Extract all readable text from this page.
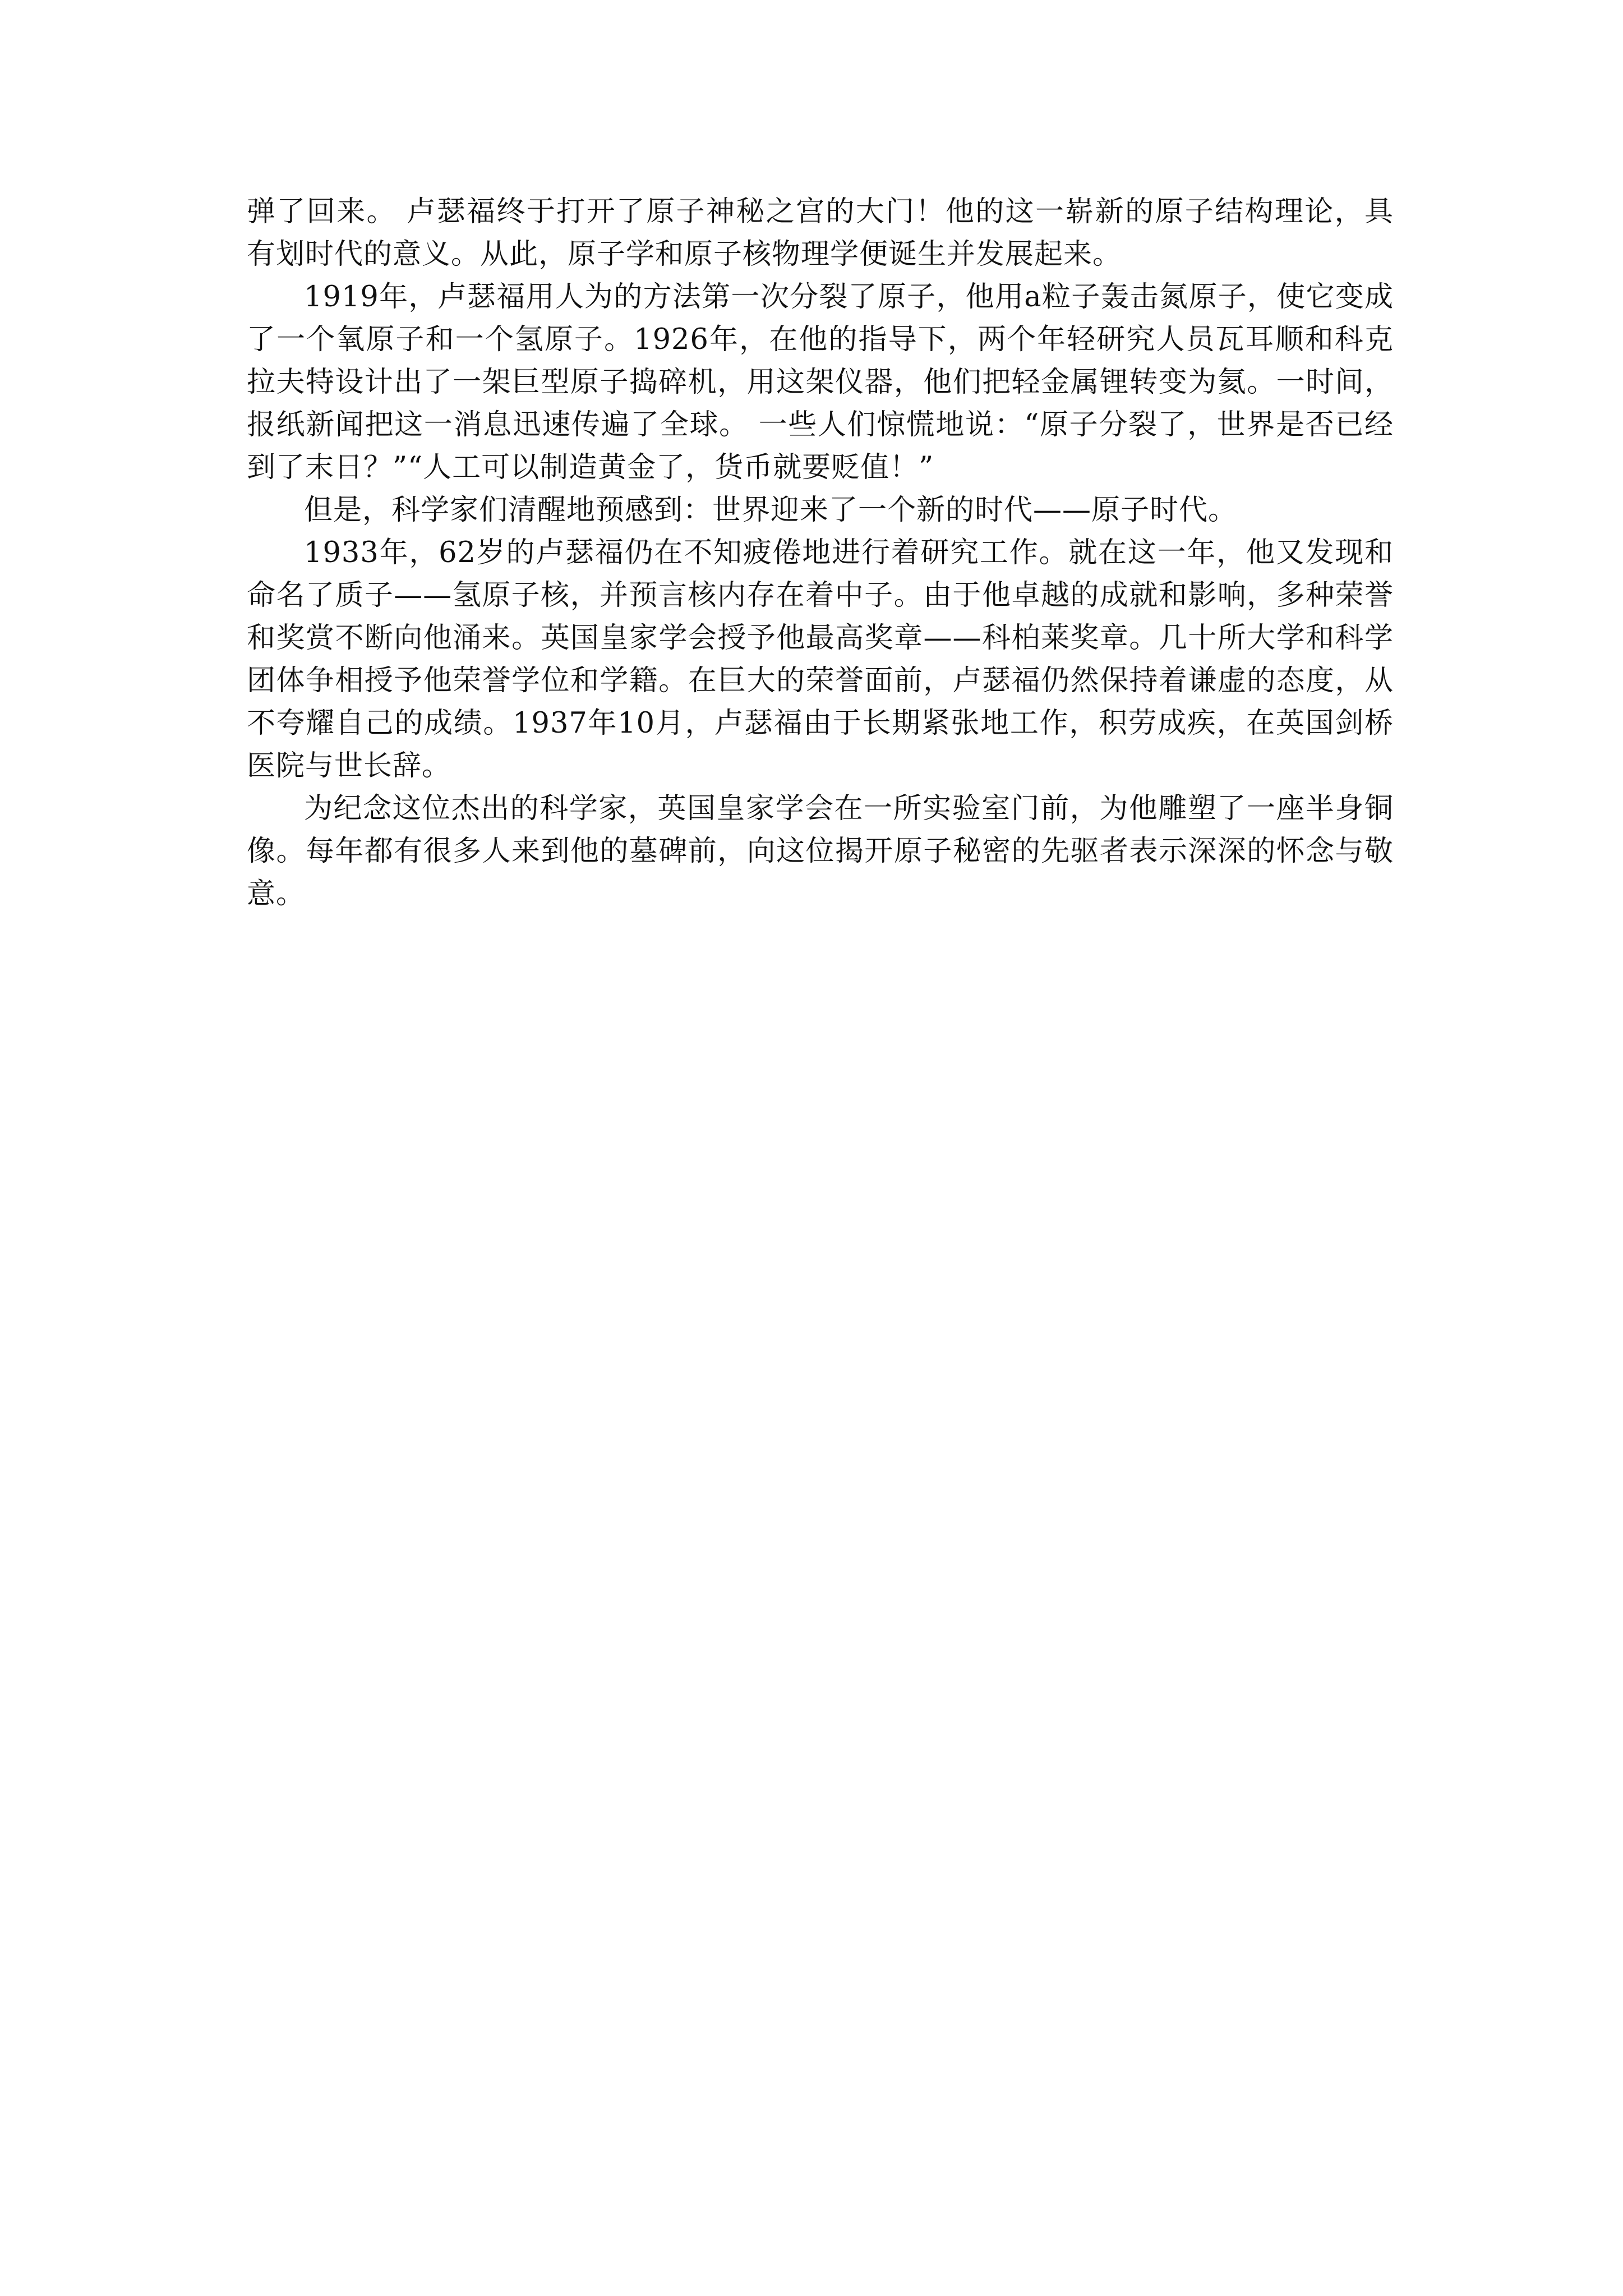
弹了回来。 卢瑟福终于打开了原子神秘之宫的大门！他的这一崭新的原子结构理论，具有划时代的意义。从此，原子学和原子核物理学便诞生并发展起来。

1919年，卢瑟福用人为的方法第一次分裂了原子，他用a粒子轰击氮原子，使它变成了一个氧原子和一个氢原子。1926年，在他的指导下，两个年轻研究人员瓦耳顺和科克拉夫特设计出了一架巨型原子捣碎机，用这架仪器，他们把轻金属锂转变为氦。一时间，报纸新闻把这一消息迅速传遍了全球。 一些人们惊慌地说：“原子分裂了，世界是否已经到了末日？”“人工可以制造黄金了，货币就要贬值！”

但是，科学家们清醒地预感到：世界迎来了一个新的时代——原子时代。

1933年，62岁的卢瑟福仍在不知疲倦地进行着研究工作。就在这一年，他又发现和命名了质子——氢原子核，并预言核内存在着中子。由于他卓越的成就和影响，多种荣誉和奖赏不断向他涌来。英国皇家学会授予他最高奖章——科柏莱奖章。几十所大学和科学团体争相授予他荣誉学位和学籍。在巨大的荣誉面前，卢瑟福仍然保持着谦虚的态度，从不夸耀自己的成绩。1937年10月，卢瑟福由于长期紧张地工作，积劳成疾，在英国剑桥医院与世长辞。

为纪念这位杰出的科学家，英国皇家学会在一所实验室门前，为他雕塑了一座半身铜像。每年都有很多人来到他的墓碑前，向这位揭开原子秘密的先驱者表示深深的怀念与敬意。
